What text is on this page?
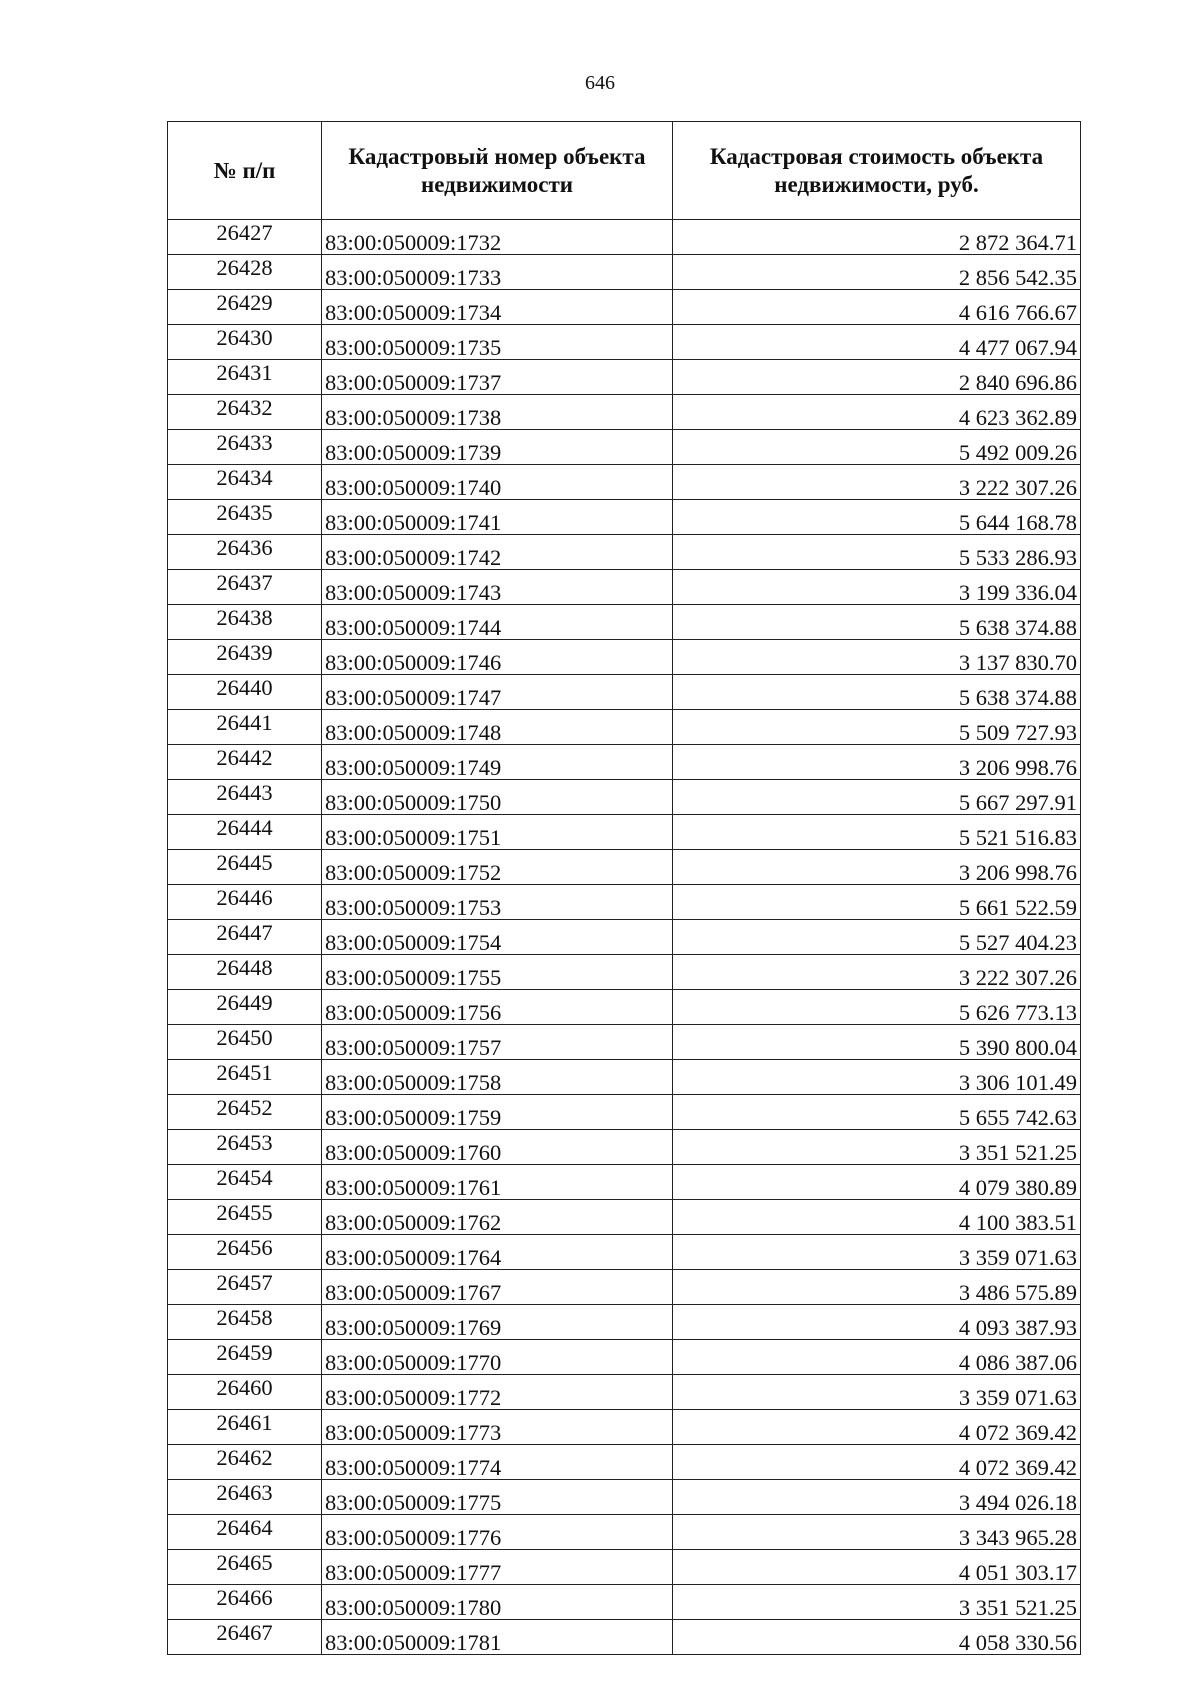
646
№ п/п	Кадастровый номер объекта недвижимости	Кадастровая стоимость объекта недвижимости, руб.
26427	83:00:050009:1732	2 872 364.71
26428	83:00:050009:1733	2 856 542.35
26429	83:00:050009:1734	4 616 766.67
26430	83:00:050009:1735	4 477 067.94
26431	83:00:050009:1737	2 840 696.86
26432	83:00:050009:1738	4 623 362.89
26433	83:00:050009:1739	5 492 009.26
26434	83:00:050009:1740	3 222 307.26
26435	83:00:050009:1741	5 644 168.78
26436	83:00:050009:1742	5 533 286.93
26437	83:00:050009:1743	3 199 336.04
26438	83:00:050009:1744	5 638 374.88
26439	83:00:050009:1746	3 137 830.70
26440	83:00:050009:1747	5 638 374.88
26441	83:00:050009:1748	5 509 727.93
26442	83:00:050009:1749	3 206 998.76
26443	83:00:050009:1750	5 667 297.91
26444	83:00:050009:1751	5 521 516.83
26445	83:00:050009:1752	3 206 998.76
26446	83:00:050009:1753	5 661 522.59
26447	83:00:050009:1754	5 527 404.23
26448	83:00:050009:1755	3 222 307.26
26449	83:00:050009:1756	5 626 773.13
26450	83:00:050009:1757	5 390 800.04
26451	83:00:050009:1758	3 306 101.49
26452	83:00:050009:1759	5 655 742.63
26453	83:00:050009:1760	3 351 521.25
26454	83:00:050009:1761	4 079 380.89
26455	83:00:050009:1762	4 100 383.51
26456	83:00:050009:1764	3 359 071.63
26457	83:00:050009:1767	3 486 575.89
26458	83:00:050009:1769	4 093 387.93
26459	83:00:050009:1770	4 086 387.06
26460	83:00:050009:1772	3 359 071.63
26461	83:00:050009:1773	4 072 369.42
26462	83:00:050009:1774	4 072 369.42
26463	83:00:050009:1775	3 494 026.18
26464	83:00:050009:1776	3 343 965.28
26465	83:00:050009:1777	4 051 303.17
26466	83:00:050009:1780	3 351 521.25
26467	83:00:050009:1781	4 058 330.56
